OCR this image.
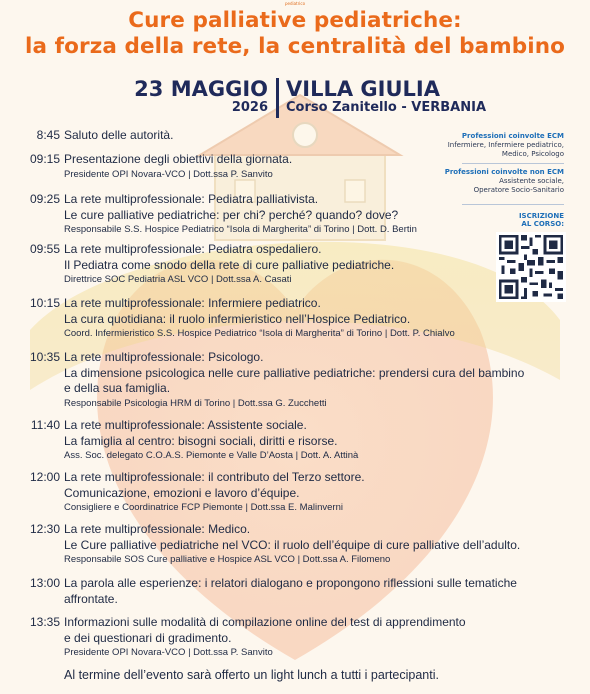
pediatrico
Cure palliative pediatriche:
la forza della rete, la centralità del bambino
23 MAGGIO
2026
VILLA GIULIA
Corso Zanitello - VERBANIA
Professioni coinvolte ECM
Infermiere, Infermiere pediatrico,
Medico, Psicologo
Professioni coinvolte non ECM
Assistente sociale,
Operatore Socio-Sanitario
ISCRIZIONE
AL CORSO:
8:45 Saluto delle autorità.
09:15 Presentazione degli obiettivi della giornata.
Presidente OPI Novara-VCO | Dott.ssa P. Sanvito
09:25 La rete multiprofessionale: Pediatra palliativista.
Le cure palliative pediatriche: per chi? perché? quando? dove?
Responsabile S.S. Hospice Pediatrico “Isola di Margherita” di Torino | Dott. D. Bertin
09:55 La rete multiprofessionale: Pediatra ospedaliero.
Il Pediatra come snodo della rete di cure palliative pediatriche.
Direttrice SOC Pediatria ASL VCO | Dott.ssa A. Casati
10:15 La rete multiprofessionale: Infermiere pediatrico.
La cura quotidiana: il ruolo infermieristico nell’Hospice Pediatrico.
Coord. Infermieristico S.S. Hospice Pediatrico “Isola di Margherita” di Torino | Dott. P. Chialvo
10:35 La rete multiprofessionale: Psicologo.
La dimensione psicologica nelle cure palliative pediatriche: prendersi cura del bambino
e della sua famiglia.
Responsabile Psicologia HRM di Torino | Dott.ssa G. Zucchetti
11:40 La rete multiprofessionale: Assistente sociale.
La famiglia al centro: bisogni sociali, diritti e risorse.
Ass. Soc. delegato C.O.A.S. Piemonte e Valle D’Aosta | Dott. A. Attinà
12:00 La rete multiprofessionale: il contributo del Terzo settore.
Comunicazione, emozioni e lavoro d’équipe.
Consigliere e Coordinatrice FCP Piemonte | Dott.ssa E. Malinverni
12:30 La rete multiprofessionale: Medico.
Le Cure palliative pediatriche nel VCO: il ruolo dell’équipe di cure palliative dell’adulto.
Responsabile SOS Cure palliative e Hospice ASL VCO | Dott.ssa A. Filomeno
13:00 La parola alle esperienze: i relatori dialogano e propongono riflessioni sulle tematiche
affrontate.
13:35 Informazioni sulle modalità di compilazione online del test di apprendimento
e dei questionari di gradimento.
Presidente OPI Novara-VCO | Dott.ssa P. Sanvito
Al termine dell’evento sarà offerto un light lunch a tutti i partecipanti.
